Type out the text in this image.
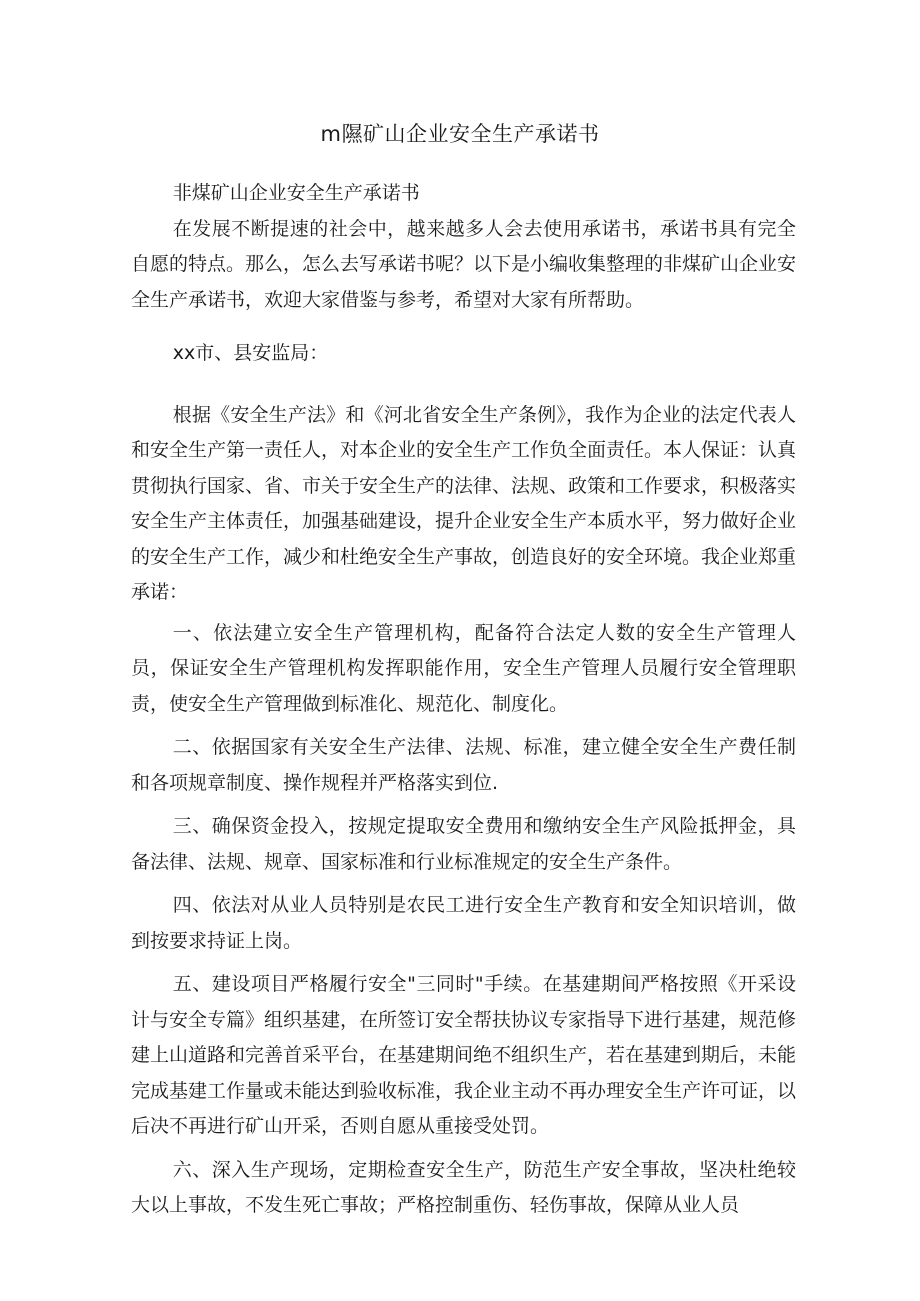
m隰矿山企业安全生产承诺书

非煤矿山企业安全生产承诺书

在发展不断提速的社会中，越来越多人会去使用承诺书，承诺书具有完全自愿的特点。那么，怎么去写承诺书呢？以下是小编收集整理的非煤矿山企业安全生产承诺书，欢迎大家借鉴与参考，希望对大家有所帮助。

xx市、县安监局：

根据《安全生产法》和《河北省安全生产条例》，我作为企业的法定代表人和安全生产第一责任人，对本企业的安全生产工作负全面责任。本人保证：认真贯彻执行国家、省、市关于安全生产的法律、法规、政策和工作要求，积极落实安全生产主体责任，加强基础建设，提升企业安全生产本质水平，努力做好企业的安全生产工作，减少和杜绝安全生产事故，创造良好的安全环境。我企业郑重承诺：

一、依法建立安全生产管理机构，配备符合法定人数的安全生产管理人员，保证安全生产管理机构发挥职能作用，安全生产管理人员履行安全管理职责，使安全生产管理做到标准化、规范化、制度化。

二、依据国家有关安全生产法律、法规、标准，建立健全安全生产费任制和各项规章制度、操作规程并严格落实到位.

三、确保资金投入，按规定提取安全费用和缴纳安全生产风险抵押金，具备法律、法规、规章、国家标准和行业标准规定的安全生产条件。

四、依法对从业人员特别是农民工进行安全生产教育和安全知识培训，做到按要求持证上岗。

五、建设项目严格履行安全"三同时"手续。在基建期间严格按照《开采设计与安全专篇》组织基建，在所签订安全帮扶协议专家指导下进行基建，规范修建上山道路和完善首采平台，在基建期间绝不组织生产，若在基建到期后，未能完成基建工作量或未能达到验收标准，我企业主动不再办理安全生产许可证，以后决不再进行矿山开采，否则自愿从重接受处罚。

六、深入生产现场，定期检查安全生产，防范生产安全事故，坚决杜绝较大以上事故，不发生死亡事故；严格控制重伤、轻伤事故，保障从业人员
